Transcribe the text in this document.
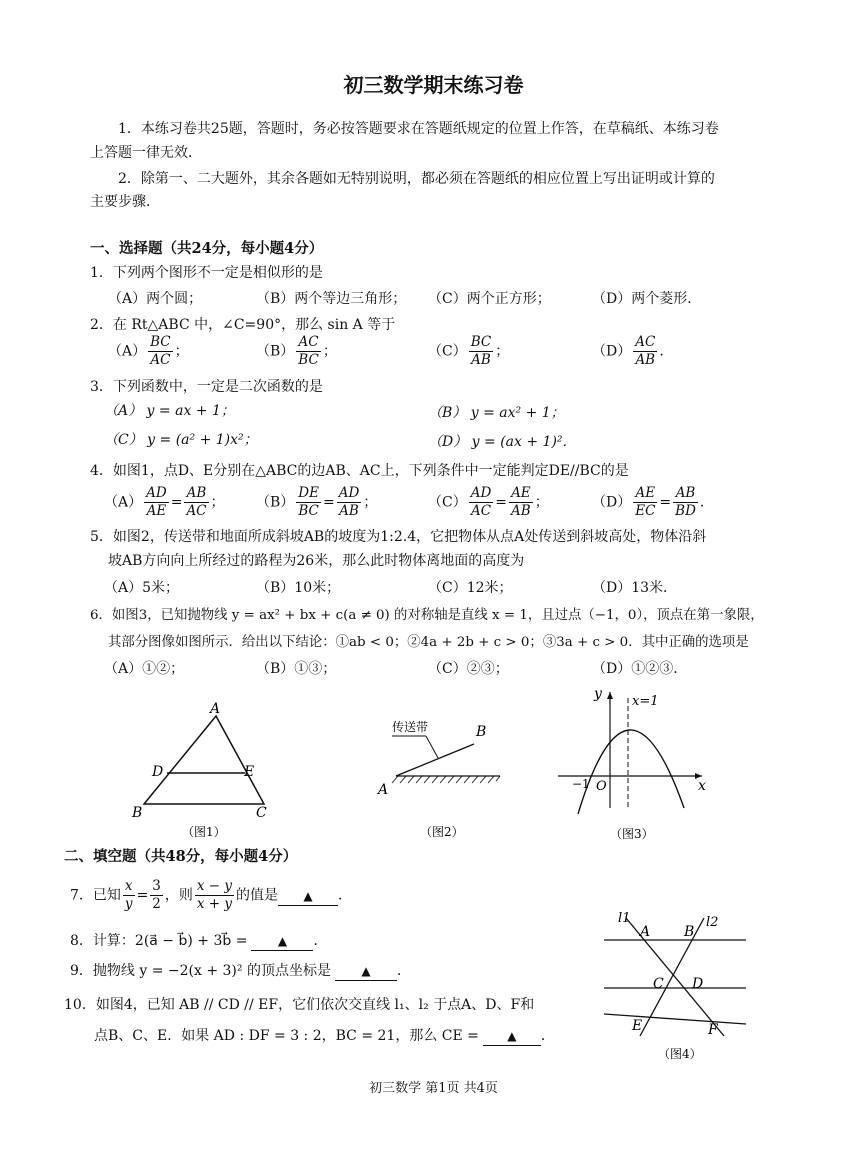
初三数学期末练习卷
1．本练习卷共25题，答题时，务必按答题要求在答题纸规定的位置上作答，在草稿纸、本练习卷
上答题一律无效．
2．除第一、二大题外，其余各题如无特别说明，都必须在答题纸的相应位置上写出证明或计算的
主要步骤．
一、选择题（共24分，每小题4分）
1．下列两个图形不一定是相似形的是
（A）两个圆；	（B）两个等边三角形； （C）两个正方形；	（D）两个菱形．
2．在 Rt△ABC 中，∠C=90°，那么 sin A 等于
$(A) \frac{BC}{AC}$ ；	$(B) \frac{AC}{BC}$ ；	$(C) \frac{BC}{AB}$ ；	$(D) \frac{AC}{AB}$ ．
3．下列函数中，一定是二次函数的是
（A） y = ax + 1；	（B） y = ax² + 1；
（C） y = (a² + 1)x²；	（D） y = (ax + 1)²．
4．如图1，点D、E分别在△ABC的边AB、AC上，下列条件中一定能判定DE//BC的是
$(A) \frac{AD}{AE} = \frac{AB}{AC}$ ； $(B) \frac{DE}{BC} = \frac{AD}{AB}$ ；	$(C) \frac{AD}{AC} = \frac{AE}{AB}$ ；	$(D) \frac{AE}{EC} = \frac{AB}{BD}$ ．
5．如图2，传送带和地面所成斜坡AB的坡度为1:2.4，它把物体从点A处传送到斜坡高处，物体沿斜
坡AB方向向上所经过的路程为26米，那么此时物体离地面的高度为
（A）5米；	（B）10米；	（C）12米；	（D）13米．
6．如图3，已知抛物线 y = ax² + bx + c(a ≠ 0) 的对称轴是直线 x = 1，且过点（−1，0），顶点在第一象限，
其部分图像如图所示．给出以下结论：①ab < 0；②4a + 2b + c > 0；③3a + c > 0．其中正确的选项是
（A）①②；	（B）①③；	（C）②③；	（D）①②③．
A
D	E
B	C
（图1）
传送带	B
A
（图2）
y x=1
−1 O	x
（图3）
二、填空题（共48分，每小题4分）
7．已知 $\frac{x}{y} = \frac{3}{2}$ ，则 $\frac{x - y}{x + y}$ 的值是 ▲ ．
8．计算：2(a⃗ − b⃗) + 3b⃗ =	▲ ．
9．抛物线 y = −2(x + 3)² 的顶点坐标是	▲ ．
10．如图4，已知 AB // CD // EF，它们依次交直线 l₁、l₂ 于点A、D、F和
点B、C、E．如果 AD : DF = 3 : 2，BC = 21，那么 CE = ▲ ．
l1	l2
A B
C D
E	F
（图4）
初三数学 第1页 共4页
